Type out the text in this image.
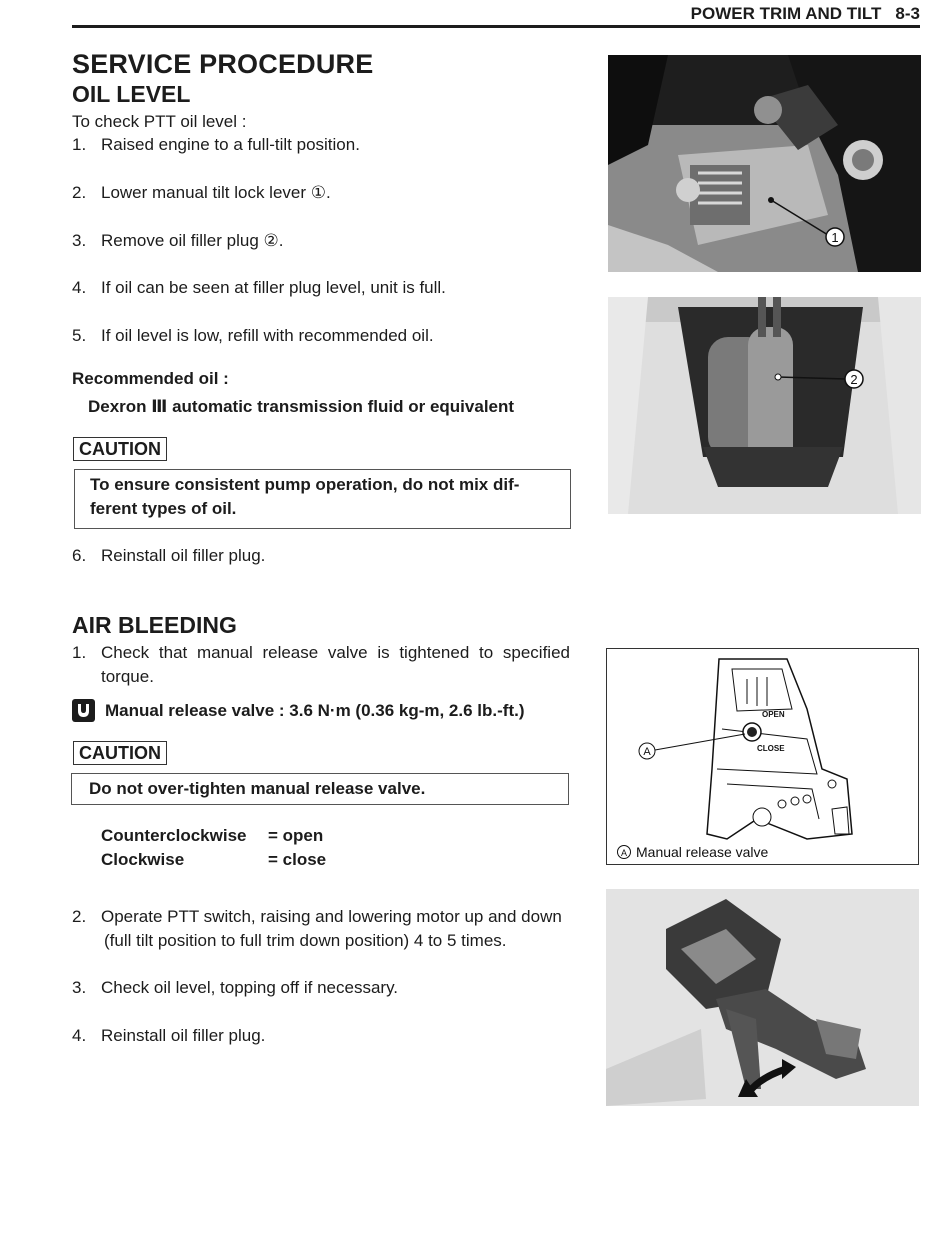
POWER TRIM AND TILT 8-3
SERVICE PROCEDURE
OIL LEVEL
To check PTT oil level :
1. Raised engine to a full-tilt position.
2. Lower manual tilt lock lever ①.
3. Remove oil filler plug ②.
4. If oil can be seen at filler plug level, unit is full.
5. If oil level is low, refill with recommended oil.
Recommended oil :
Dexron Ⅲ automatic transmission fluid or equivalent
CAUTION
To ensure consistent pump operation, do not mix dif- ferent types of oil.
6. Reinstall oil filler plug.
AIR BLEEDING
1. Check that manual release valve is tightened to specified torque.
Manual release valve : 3.6 N·m (0.36 kg-m, 2.6 lb.-ft.)
CAUTION
Do not over-tighten manual release valve.
Counterclockwise	= open
Clockwise	= close
2. Operate PTT switch, raising and lowering motor up and down
(full tilt position to full trim down position) 4 to 5 times.
3. Check oil level, topping off if necessary.
4. Reinstall oil filler plug.
1
2
OPEN
CLOSE
A
A Manual release valve
